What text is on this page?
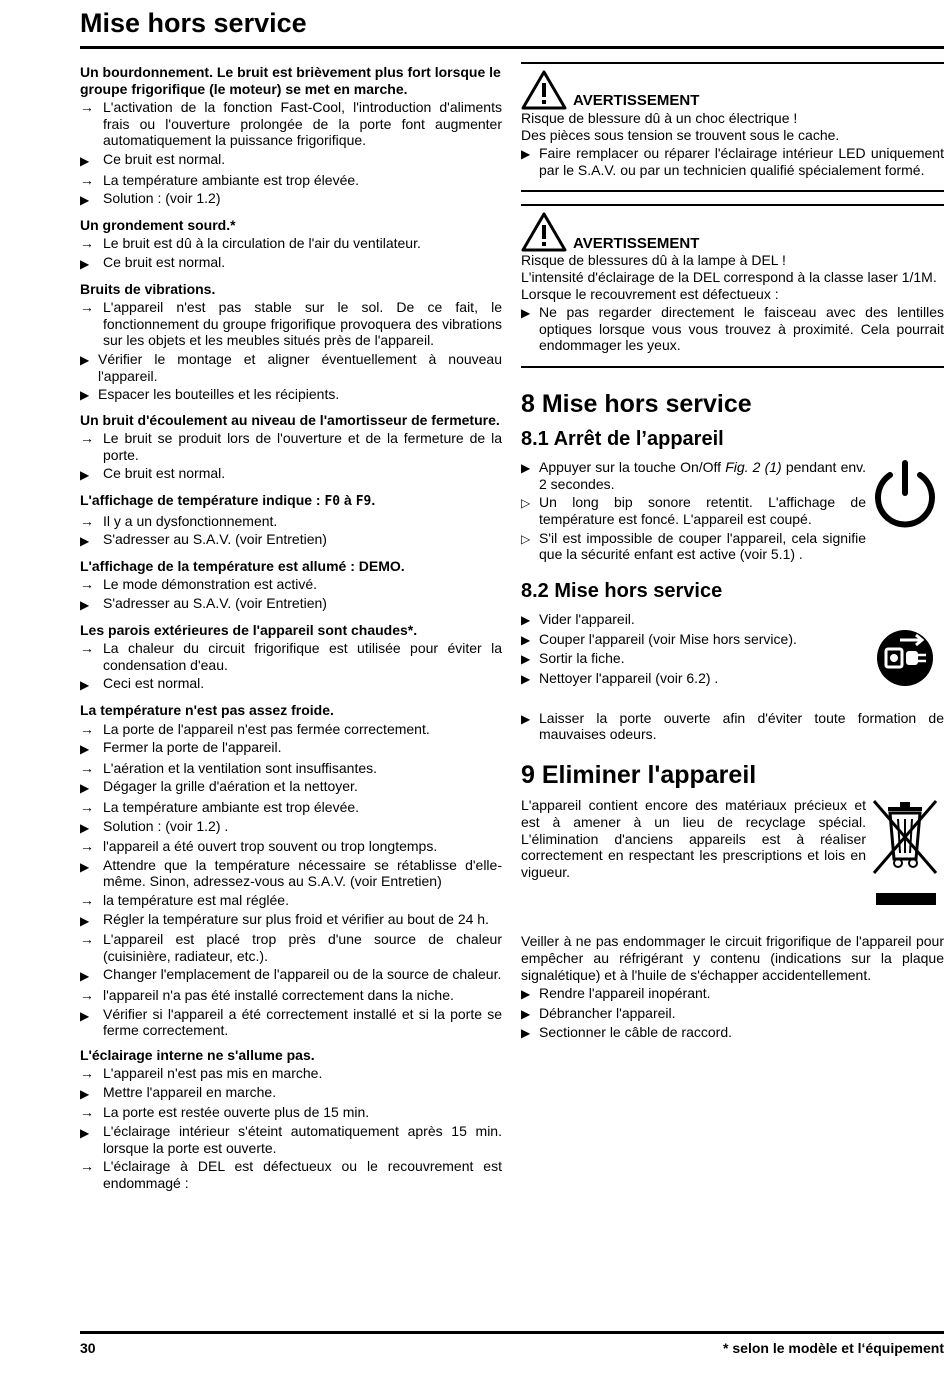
Mise hors service
Un bourdonnement. Le bruit est brièvement plus fort lorsque le groupe frigorifique (le moteur) se met en marche.
→ L'activation de la fonction Fast-Cool, l'introduction d'aliments frais ou l'ouverture prolongée de la porte font augmenter automatiquement la puissance frigorifique.
▶ Ce bruit est normal.
→ La température ambiante est trop élevée.
▶ Solution : (voir 1.2)
Un grondement sourd.*
→ Le bruit est dû à la circulation de l'air du ventilateur.
▶ Ce bruit est normal.
Bruits de vibrations.
→ L'appareil n'est pas stable sur le sol. De ce fait, le fonctionnement du groupe frigorifique provoquera des vibrations sur les objets et les meubles situés près de l'appareil.
▶ Vérifier le montage et aligner éventuellement à nouveau l'appareil.
▶ Espacer les bouteilles et les récipients.
Un bruit d'écoulement au niveau de l'amortisseur de fermeture.
→ Le bruit se produit lors de l'ouverture et de la fermeture de la porte.
▶ Ce bruit est normal.
L'affichage de température indique : F0 à F9.
→ Il y a un dysfonctionnement.
▶ S'adresser au S.A.V. (voir Entretien)
L'affichage de la température est allumé : DEMO.
→ Le mode démonstration est activé.
▶ S'adresser au S.A.V. (voir Entretien)
Les parois extérieures de l'appareil sont chaudes*.
→ La chaleur du circuit frigorifique est utilisée pour éviter la condensation d'eau.
▶ Ceci est normal.
La température n'est pas assez froide.
→ La porte de l'appareil n'est pas fermée correctement.
▶ Fermer la porte de l'appareil.
→ L'aération et la ventilation sont insuffisantes.
▶ Dégager la grille d'aération et la nettoyer.
→ La température ambiante est trop élevée.
▶ Solution : (voir 1.2) .
→ l'appareil a été ouvert trop souvent ou trop longtemps.
▶ Attendre que la température nécessaire se rétablisse d'elle-même. Sinon, adressez-vous au S.A.V. (voir Entretien)
→ la température est mal réglée.
▶ Régler la température sur plus froid et vérifier au bout de 24 h.
→ L'appareil est placé trop près d'une source de chaleur (cuisinière, radiateur, etc.).
▶ Changer l'emplacement de l'appareil ou de la source de chaleur.
→ l'appareil n'a pas été installé correctement dans la niche.
▶ Vérifier si l'appareil a été correctement installé et si la porte se ferme correctement.
L'éclairage interne ne s'allume pas.
→ L'appareil n'est pas mis en marche.
▶ Mettre l'appareil en marche.
→ La porte est restée ouverte plus de 15 min.
▶ L'éclairage intérieur s'éteint automatiquement après 15 min. lorsque la porte est ouverte.
→ L'éclairage à DEL est défectueux ou le recouvrement est endommagé :
AVERTISSEMENT
Risque de blessure dû à un choc électrique !
Des pièces sous tension se trouvent sous le cache.
▶ Faire remplacer ou réparer l'éclairage intérieur LED uniquement par le S.A.V. ou par un technicien qualifié spécialement formé.
AVERTISSEMENT
Risque de blessures dû à la lampe à DEL !
L'intensité d'éclairage de la DEL correspond à la classe laser 1/1M.
Lorsque le recouvrement est défectueux :
▶ Ne pas regarder directement le faisceau avec des lentilles optiques lorsque vous vous trouvez à proximité. Cela pourrait endommager les yeux.
8 Mise hors service
8.1 Arrêt de l’appareil
▶ Appuyer sur la touche On/Off Fig. 2 (1) pendant env. 2 secondes.
▷ Un long bip sonore retentit. L'affichage de température est foncé. L'appareil est coupé.
▷ S'il est impossible de couper l'appareil, cela signifie que la sécurité enfant est active (voir 5.1) .
8.2 Mise hors service
▶ Vider l'appareil.
▶ Couper l'appareil (voir Mise hors service).
▶ Sortir la fiche.
▶ Nettoyer l'appareil (voir 6.2) .
▶ Laisser la porte ouverte afin d'éviter toute formation de mauvaises odeurs.
9 Eliminer l'appareil

L'appareil contient encore des matériaux précieux et est à amener à un lieu de recyclage spécial. L'élimination d'anciens appareils est à réaliser correctement en respectant les prescriptions et lois en vigueur.

Veiller à ne pas endommager le circuit frigorifique de l'appareil pour empêcher au réfrigérant y contenu (indications sur la plaque signalétique) et à l'huile de s'échapper accidentellement.

▶ Rendre l'appareil inopérant.
▶ Débrancher l'appareil.
▶ Sectionner le câble de raccord.
30	* selon le modèle et l‘équipement
